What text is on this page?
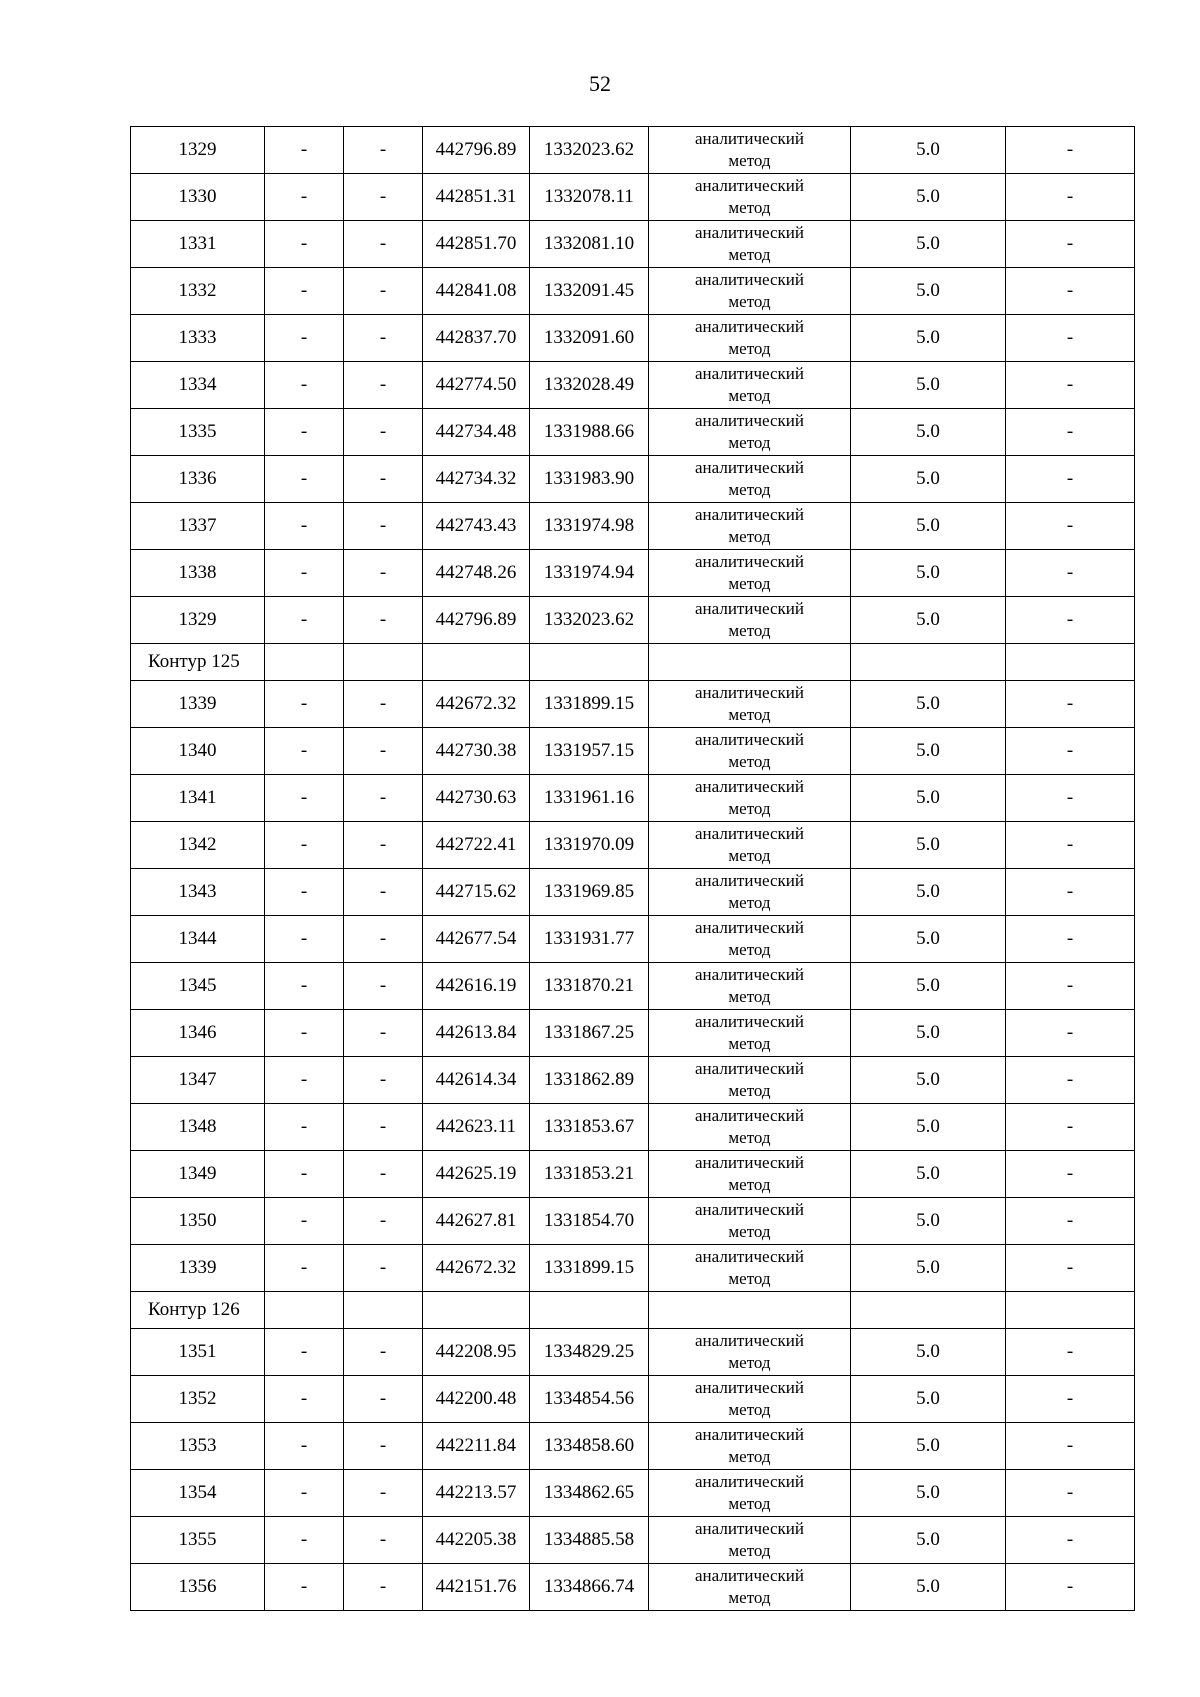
52
1329	-	-	442796.89	1332023.62	аналитический
метод	5.0	-
1330	-	-	442851.31	1332078.11	аналитический
метод	5.0	-
1331	-	-	442851.70	1332081.10	аналитический
метод	5.0	-
1332	-	-	442841.08	1332091.45	аналитический
метод	5.0	-
1333	-	-	442837.70	1332091.60	аналитический
метод	5.0	-
1334	-	-	442774.50	1332028.49	аналитический
метод	5.0	-
1335	-	-	442734.48	1331988.66	аналитический
метод	5.0	-
1336	-	-	442734.32	1331983.90	аналитический
метод	5.0	-
1337	-	-	442743.43	1331974.98	аналитический
метод	5.0	-
1338	-	-	442748.26	1331974.94	аналитический
метод	5.0	-
1329	-	-	442796.89	1332023.62	аналитический
метод	5.0	-
Контур 125							
1339	-	-	442672.32	1331899.15	аналитический
метод	5.0	-
1340	-	-	442730.38	1331957.15	аналитический
метод	5.0	-
1341	-	-	442730.63	1331961.16	аналитический
метод	5.0	-
1342	-	-	442722.41	1331970.09	аналитический
метод	5.0	-
1343	-	-	442715.62	1331969.85	аналитический
метод	5.0	-
1344	-	-	442677.54	1331931.77	аналитический
метод	5.0	-
1345	-	-	442616.19	1331870.21	аналитический
метод	5.0	-
1346	-	-	442613.84	1331867.25	аналитический
метод	5.0	-
1347	-	-	442614.34	1331862.89	аналитический
метод	5.0	-
1348	-	-	442623.11	1331853.67	аналитический
метод	5.0	-
1349	-	-	442625.19	1331853.21	аналитический
метод	5.0	-
1350	-	-	442627.81	1331854.70	аналитический
метод	5.0	-
1339	-	-	442672.32	1331899.15	аналитический
метод	5.0	-
Контур 126							
1351	-	-	442208.95	1334829.25	аналитический
метод	5.0	-
1352	-	-	442200.48	1334854.56	аналитический
метод	5.0	-
1353	-	-	442211.84	1334858.60	аналитический
метод	5.0	-
1354	-	-	442213.57	1334862.65	аналитический
метод	5.0	-
1355	-	-	442205.38	1334885.58	аналитический
метод	5.0	-
1356	-	-	442151.76	1334866.74	аналитический
метод	5.0	-
